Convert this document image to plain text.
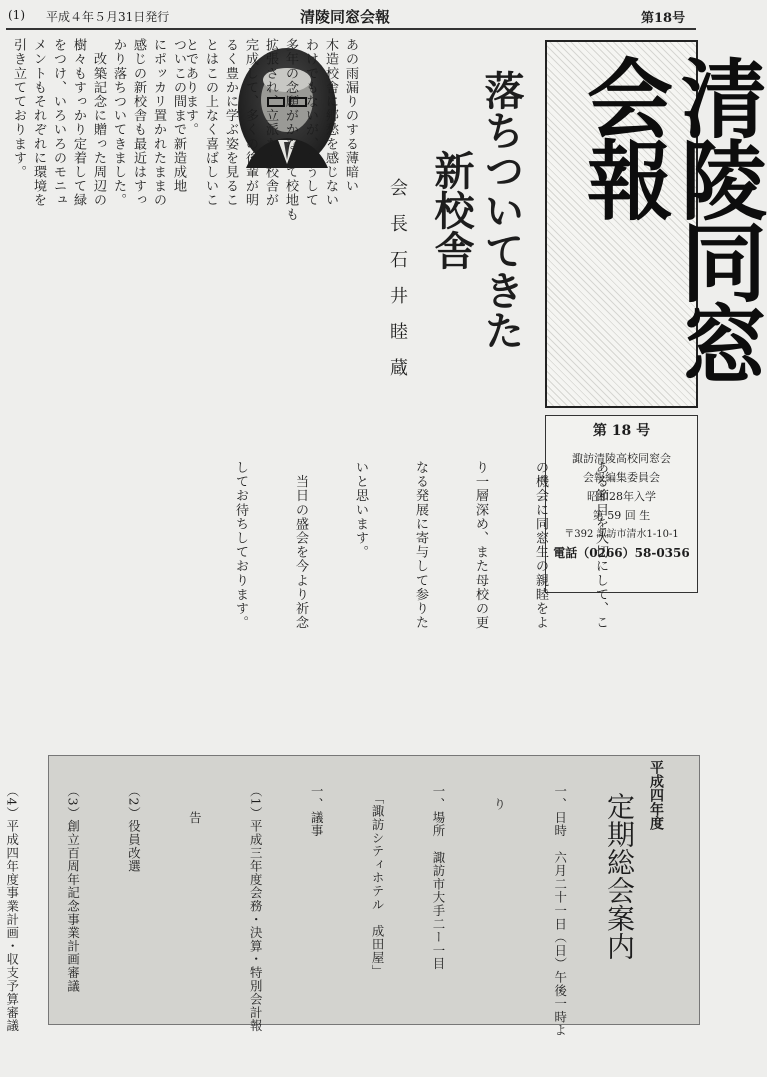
(1) 平成４年５月31日発行	清陵同窓会報	第18号
あの雨漏りのする薄暗い
木造校舎に郷愁を感じない
わけでもないが、こうして
多年の念願がかなって校地も
拡張され、立派な新校舎が
完成して、多くの後輩が明
るく豊かに学ぶ姿を見るこ
とはこの上なく喜ばしいこ
とであります。
ついこの間まで新造成地
にポッカリ置かれたままの
感じの新校舎も最近はすっ
かり落ちついてきました。
　改築記念に贈った周辺の
樹々もすっかり定着して緑
をつけ、いろいろのモニュ
メントもそれぞれに環境を
引き立てております。	落ちついてきた
新校舎
会　長　石　井　睦　蔵	清陵同窓会報
第 18 号
諏訪清陵高校同窓会
会報編集委員会
昭和28年入学
第 59 回 生
〒392 諏訪市清水1-10-1
電話（0266）58-0356

ある節目を大切にして、こ

の機会に同窓生の親睦をよ

り一層深め、また母校の更

なる発展に寄与して参りた

いと思います。

　当日の盛会を今より祈念

してお待ちしております。

平成四年度
定期総会案内

一、日時　六月二十一日（日）午後一時よ

　り

一、場所　諏訪市大手二ー一目

　「諏訪シティホテル　成田屋」

一、議事

（1）平成三年度会務・決算・特別会計報

　　告

（2）役員改選

（3）創立百周年記念事業計画審議

（4）平成四年度事業計画・収支予算審議
